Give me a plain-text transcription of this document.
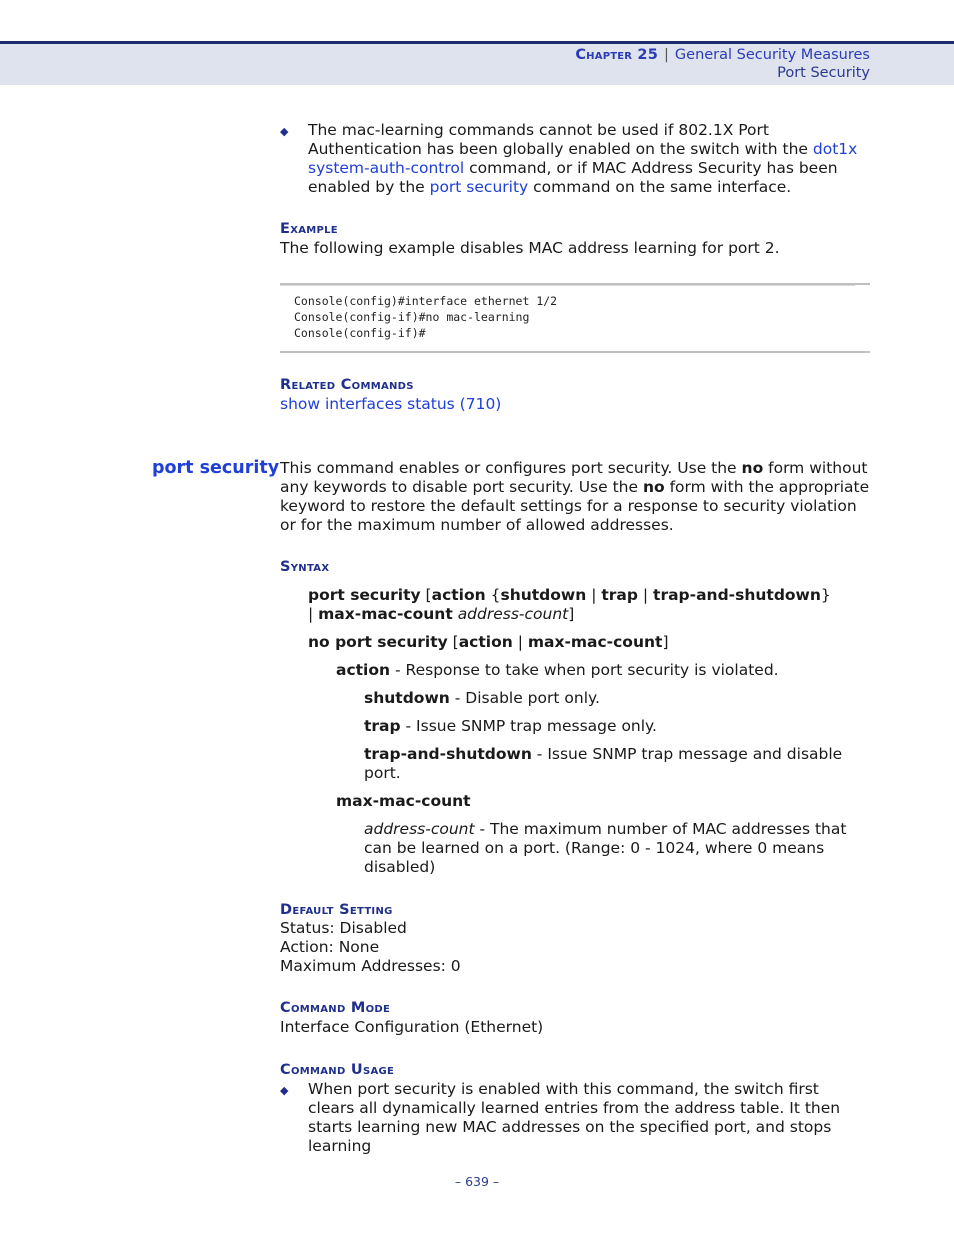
Chapter 25 | General Security Measures
Port Security
◆ The mac-learning commands cannot be used if 802.1X Port Authentication has been globally enabled on the switch with the dot1x system-auth-control command, or if MAC Address Security has been enabled by the port security command on the same interface.
Example
The following example disables MAC address learning for port 2.
Console(config)#interface ethernet 1/2
Console(config-if)#no mac-learning
Console(config-if)#
Related Commands
show interfaces status (710)
port security This command enables or configures port security. Use the no form without any keywords to disable port security. Use the no form with the appropriate keyword to restore the default settings for a response to security violation or for the maximum number of allowed addresses.
Syntax
port security [action {shutdown | trap | trap-and-shutdown}
| max-mac-count address-count]
no port security [action | max-mac-count]
action - Response to take when port security is violated.
shutdown - Disable port only.
trap - Issue SNMP trap message only.
trap-and-shutdown - Issue SNMP trap message and disable port.
max-mac-count
address-count - The maximum number of MAC addresses that can be learned on a port. (Range: 0 - 1024, where 0 means disabled)
Default Setting
Status: Disabled
Action: None
Maximum Addresses: 0
Command Mode
Interface Configuration (Ethernet)
Command Usage
◆ When port security is enabled with this command, the switch first clears all dynamically learned entries from the address table. It then starts learning new MAC addresses on the specified port, and stops learning
– 639 –
